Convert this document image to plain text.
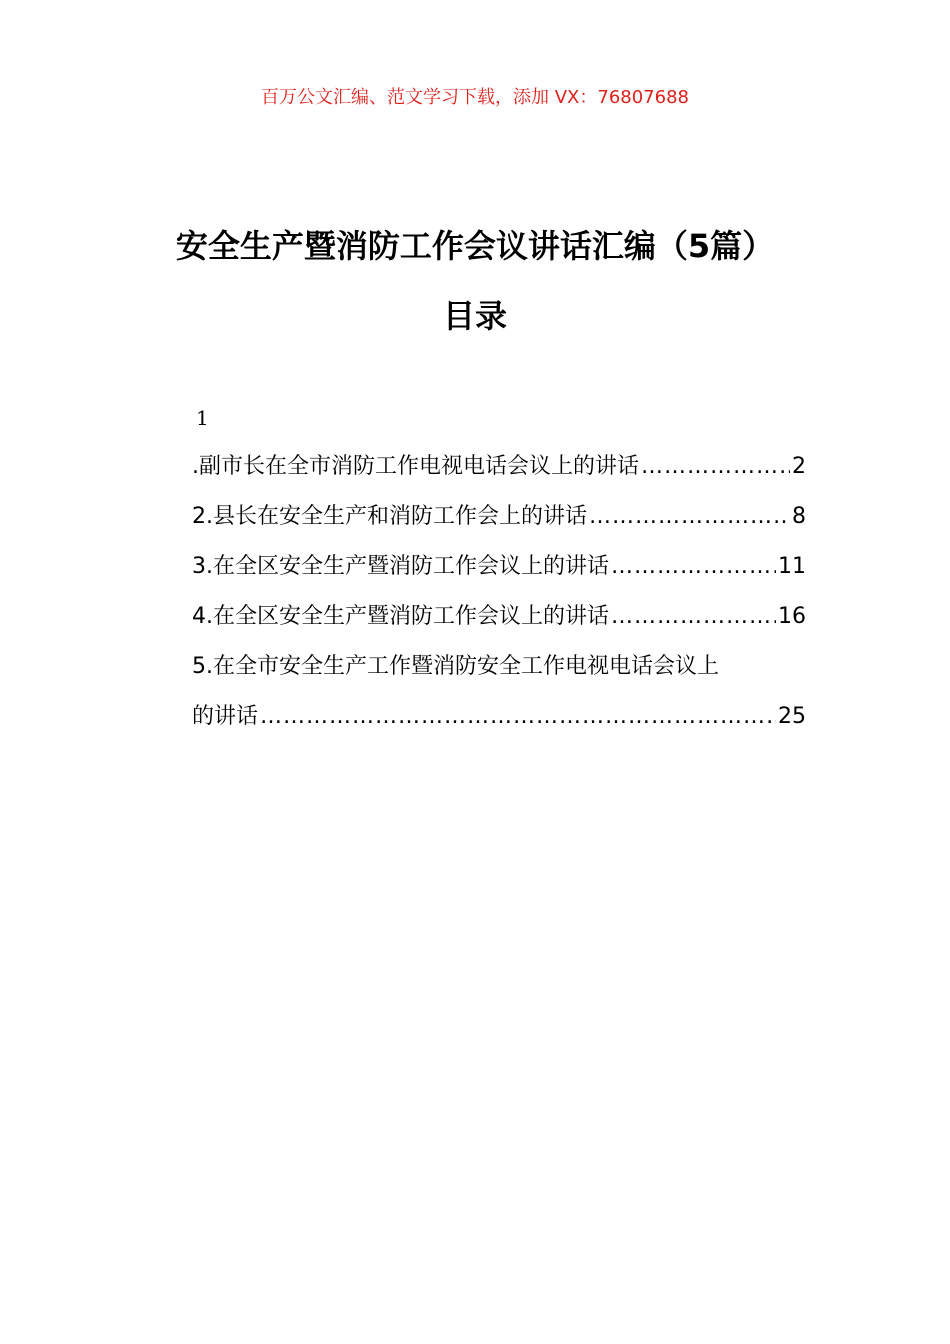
百万公文汇编、范文学习下载，添加 VX：76807688
安全生产暨消防工作会议讲话汇编（5篇）
目录
1
.副市长在全市消防工作电视电话会议上的讲话 …………………………………………………………………………………………………………	2
2.县长在安全生产和消防工作会上的讲话 …………………………………………………………………………………………………………	8
3.在全区安全生产暨消防工作会议上的讲话 …………………………………………………………………………………………………………	11
4.在全区安全生产暨消防工作会议上的讲话 …………………………………………………………………………………………………………	16
5.在全市安全生产工作暨消防安全工作电视电话会议上
的讲话 …………………………………………………………………………………………………………	25
